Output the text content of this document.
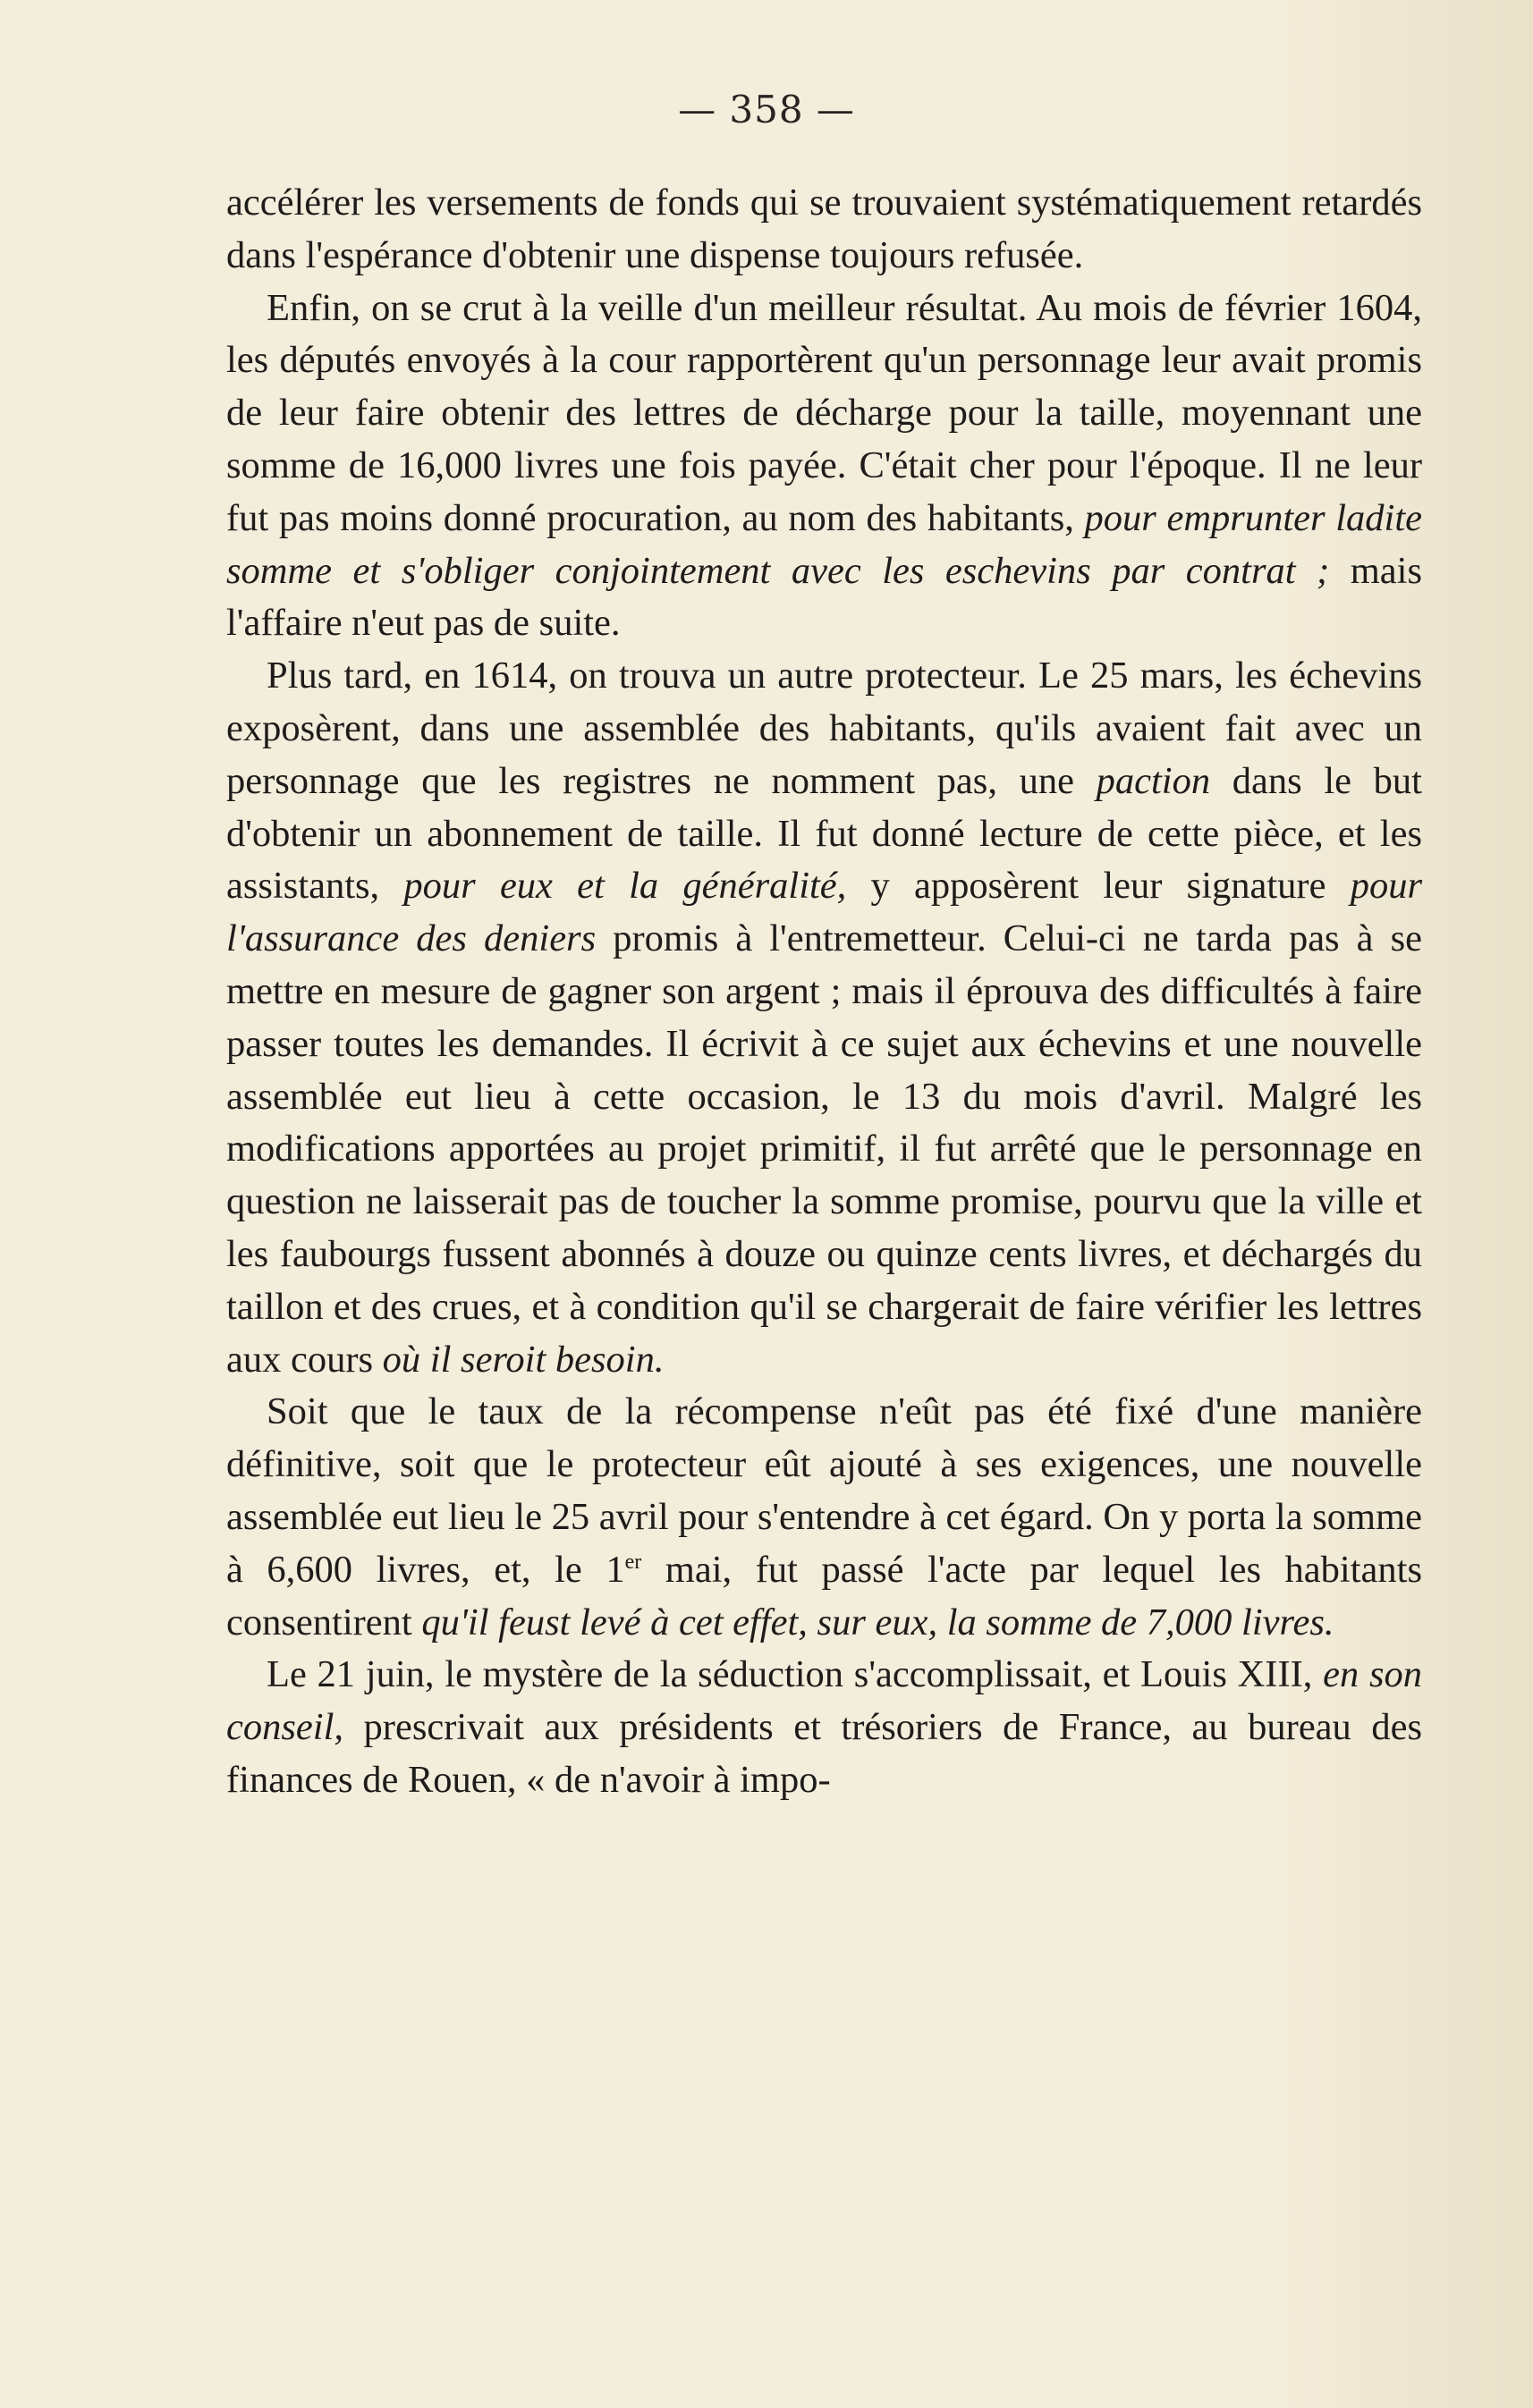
— 358 —

accélérer les versements de fonds qui se trouvaient systématiquement retardés dans l'espérance d'obtenir une dispense toujours refusée.

Enfin, on se crut à la veille d'un meilleur résultat. Au mois de février 1604, les députés envoyés à la cour rapportèrent qu'un personnage leur avait promis de leur faire obtenir des lettres de décharge pour la taille, moyennant une somme de 16,000 livres une fois payée. C'était cher pour l'époque. Il ne leur fut pas moins donné procuration, au nom des habitants, pour emprunter ladite somme et s'obliger conjointement avec les eschevins par contrat ; mais l'affaire n'eut pas de suite.

Plus tard, en 1614, on trouva un autre protecteur. Le 25 mars, les échevins exposèrent, dans une assemblée des habitants, qu'ils avaient fait avec un personnage que les registres ne nomment pas, une paction dans le but d'obtenir un abonnement de taille. Il fut donné lecture de cette pièce, et les assistants, pour eux et la généralité, y apposèrent leur signature pour l'assurance des deniers promis à l'entremetteur. Celui-ci ne tarda pas à se mettre en mesure de gagner son argent ; mais il éprouva des difficultés à faire passer toutes les demandes. Il écrivit à ce sujet aux échevins et une nouvelle assemblée eut lieu à cette occasion, le 13 du mois d'avril. Malgré les modifications apportées au projet primitif, il fut arrêté que le personnage en question ne laisserait pas de toucher la somme promise, pourvu que la ville et les faubourgs fussent abonnés à douze ou quinze cents livres, et déchargés du taillon et des crues, et à condition qu'il se chargerait de faire vérifier les lettres aux cours où il seroit besoin.

Soit que le taux de la récompense n'eût pas été fixé d'une manière définitive, soit que le protecteur eût ajouté à ses exigences, une nouvelle assemblée eut lieu le 25 avril pour s'entendre à cet égard. On y porta la somme à 6,600 livres, et, le 1er mai, fut passé l'acte par lequel les habitants consentirent qu'il feust levé à cet effet, sur eux, la somme de 7,000 livres.

Le 21 juin, le mystère de la séduction s'accomplissait, et Louis XIII, en son conseil, prescrivait aux présidents et trésoriers de France, au bureau des finances de Rouen, « de n'avoir à impo-
